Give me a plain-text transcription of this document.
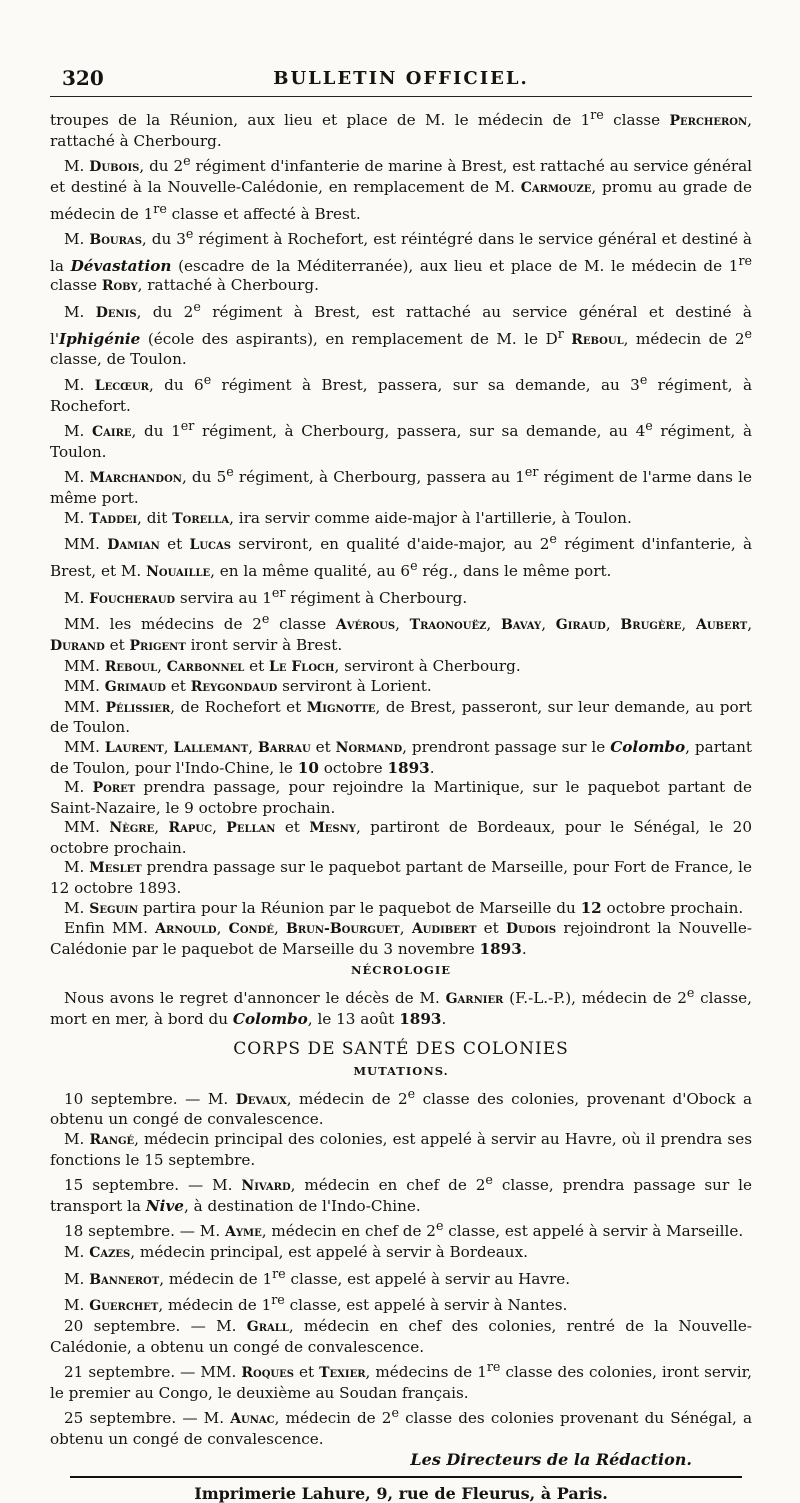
320	BULLETIN OFFICIEL.

troupes de la Réunion, aux lieu et place de M. le médecin de 1re classe Percheron, rattaché à Cherbourg.

M. Dubois, du 2e régiment d'infanterie de marine à Brest, est rattaché au service général et destiné à la Nouvelle-Calédonie, en remplacement de M. Carmouze, promu au grade de médecin de 1re classe et affecté à Brest.

M. Bouras, du 3e régiment à Rochefort, est réintégré dans le service général et destiné à la Dévastation (escadre de la Méditerranée), aux lieu et place de M. le médecin de 1re classe Roby, rattaché à Cherbourg.

M. Denis, du 2e régiment à Brest, est rattaché au service général et destiné à l'Iphigénie (école des aspirants), en remplacement de M. le $D^r$ Reboul, médecin de 2e classe, de Toulon.

M. Lecœur, du 6e régiment à Brest, passera, sur sa demande, au 3e régiment, à Rochefort.

M. Caire, du 1er régiment, à Cherbourg, passera, sur sa demande, au 4e régiment, à Toulon.

M. Marchandon, du 5e régiment, à Cherbourg, passera au 1er régiment de l'arme dans le même port.

M. Taddei, dit Torella, ira servir comme aide-major à l'artillerie, à Toulon.

MM. Damian et Lucas serviront, en qualité d'aide-major, au 2e régiment d'infanterie, à Brest, et M. Nouaille, en la même qualité, au 6e rég., dans le même port.

M. Foucheraud servira au 1er régiment à Cherbourg.

MM. les médecins de 2e classe Avérous, Traonouëz, Bavay, Giraud, Brugère, Aubert, Durand et Prigent iront servir à Brest.

MM. Reboul, Carbonnel et Le Floch, serviront à Cherbourg.

MM. Grimaud et Reygondaud serviront à Lorient.

MM. Pélissier, de Rochefort et Mignotte, de Brest, passeront, sur leur demande, au port de Toulon.

MM. Laurent, Lallemant, Barrau et Normand, prendront passage sur le Colombo, partant de Toulon, pour l'Indo-Chine, le 10 octobre 1893.

M. Poret prendra passage, pour rejoindre la Martinique, sur le paquebot partant de Saint-Nazaire, le 9 octobre prochain.

MM. Nègre, Rapuc, Pellan et Mesny, partiront de Bordeaux, pour le Sénégal, le 20 octobre prochain.

M. Meslet prendra passage sur le paquebot partant de Marseille, pour Fort de France, le 12 octobre 1893.

M. Seguin partira pour la Réunion par le paquebot de Marseille du 12 octobre prochain.

Enfin MM. Arnould, Condé, Brun-Bourguet, Audibert et Dudois rejoindront la Nouvelle-Calédonie par le paquebot de Marseille du 3 novembre 1893.

NÉCROLOGIE

Nous avons le regret d'annoncer le décès de M. Garnier (F.-L.-P.), médecin de 2e classe, mort en mer, à bord du Colombo, le 13 août 1893.

CORPS DE SANTÉ DES COLONIES
MUTATIONS.

10 septembre. — M. Devaux, médecin de 2e classe des colonies, provenant d'Obock a obtenu un congé de convalescence.

M. Rangé, médecin principal des colonies, est appelé à servir au Havre, où il prendra ses fonctions le 15 septembre.

15 septembre. — M. Nivard, médecin en chef de 2e classe, prendra passage sur le transport la Nive, à destination de l'Indo-Chine.

18 septembre. — M. Ayme, médecin en chef de 2e classe, est appelé à servir à Marseille.

M. Cazes, médecin principal, est appelé à servir à Bordeaux.

M. Bannerot, médecin de 1re classe, est appelé à servir au Havre.

M. Guerchet, médecin de 1re classe, est appelé à servir à Nantes.

20 septembre. — M. Grall, médecin en chef des colonies, rentré de la Nouvelle-Calédonie, a obtenu un congé de convalescence.

21 septembre. — MM. Roques et Texier, médecins de 1re classe des colonies, iront servir, le premier au Congo, le deuxième au Soudan français.

25 septembre. — M. Aunac, médecin de 2e classe des colonies provenant du Sénégal, a obtenu un congé de convalescence.

Les Directeurs de la Rédaction.
Imprimerie Lahure, 9, rue de Fleurus, à Paris.
